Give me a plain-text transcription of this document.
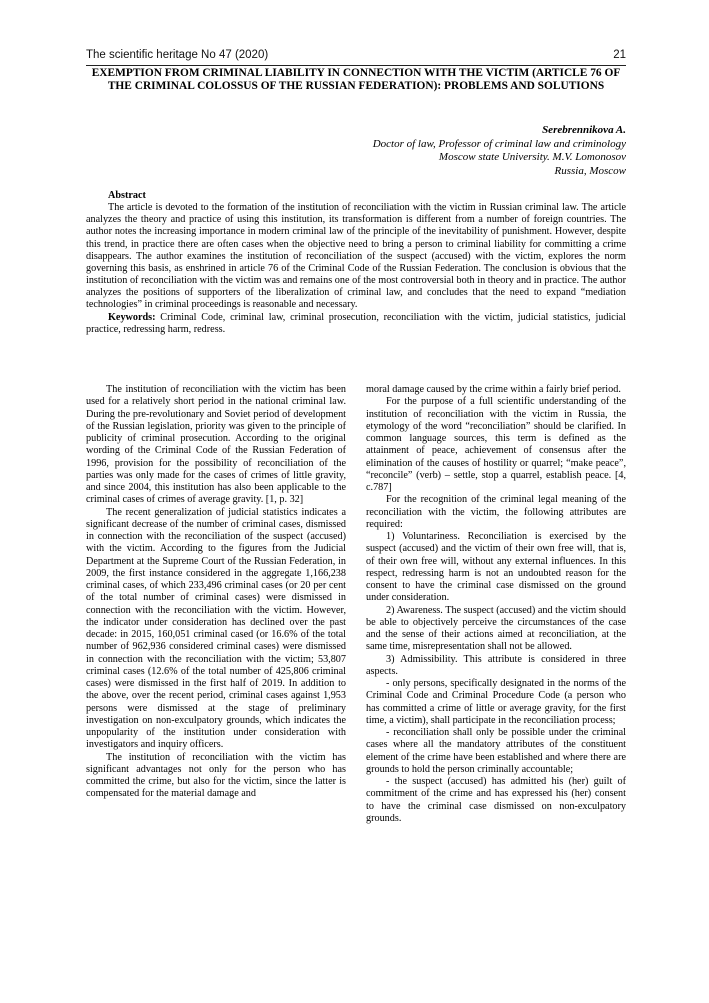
The scientific heritage No 47 (2020)	21
EXEMPTION FROM CRIMINAL LIABILITY IN CONNECTION WITH THE VICTIM (ARTICLE 76 OF THE CRIMINAL COLOSSUS OF THE RUSSIAN FEDERATION): PROBLEMS AND SOLUTIONS
Serebrennikova A.
Doctor of law, Professor of criminal law and criminology
Moscow state University. M.V. Lomonosov
Russia, Moscow
Abstract

The article is devoted to the formation of the institution of reconciliation with the victim in Russian criminal law. The article analyzes the theory and practice of using this institution, its transformation is different from a number of foreign countries. The author notes the increasing importance in modern criminal law of the principle of the inevitability of punishment. However, despite this trend, in practice there are often cases when the objective need to bring a person to criminal liability for committing a crime disappears. The author examines the institution of reconciliation of the suspect (accused) with the victim, explores the norm governing this basis, as enshrined in article 76 of the Criminal Code of the Russian Federation. The conclusion is obvious that the institution of reconciliation with the victim was and remains one of the most controversial both in theory and in practice. The author analyzes the positions of supporters of the liberalization of criminal law, and concludes that the need to expand “mediation technologies” in criminal proceedings is reasonable and necessary.

Keywords: Criminal Code, criminal law, criminal prosecution, reconciliation with the victim, judicial statistics, judicial practice, redressing harm, redress.

The institution of reconciliation with the victim has been used for a relatively short period in the national criminal law. During the pre-revolutionary and Soviet period of development of the Russian legislation, priority was given to the principle of publicity of criminal prosecution. According to the original wording of the Criminal Code of the Russian Federation of 1996, provision for the possibility of reconciliation of the parties was only made for the cases of crimes of little gravity, and since 2004, this institution has also been applicable to the criminal cases of crimes of average gravity. [1, p. 32]

The recent generalization of judicial statistics indicates a significant decrease of the number of criminal cases, dismissed in connection with the reconciliation of the suspect (accused) with the victim. According to the figures from the Judicial Department at the Supreme Court of the Russian Federation, in 2009, the first instance considered in the aggregate 1,166,238 criminal cases, of which 233,496 criminal cases (or 20 per cent of the total number of criminal cases) were dismissed in connection with the reconciliation with the victim. However, the indicator under consideration has declined over the past decade: in 2015, 160,051 criminal cased (or 16.6% of the total number of 962,936 considered criminal cases) were dismissed in connection with the reconciliation with the victim; 53,807 criminal cases (12.6% of the total number of 425,806 criminal cases) were dismissed in the first half of 2019. In addition to the above, over the recent period, criminal cases against 1,953 persons were dismissed at the stage of preliminary investigation on non-exculpatory grounds, which indicates the unpopularity of the institution under consideration with investigators and inquiry officers.

The institution of reconciliation with the victim has significant advantages not only for the person who has committed the crime, but also for the victim, since the latter is compensated for the material damage and

moral damage caused by the crime within a fairly brief period.

For the purpose of a full scientific understanding of the institution of reconciliation with the victim in Russia, the etymology of the word “reconciliation” should be clarified. In common language sources, this term is defined as the attainment of peace, achievement of consensus after the elimination of the causes of hostility or quarrel; “make peace”, “reconcile” (verb) – settle, stop a quarrel, establish peace. [4, c.787]

For the recognition of the criminal legal meaning of the reconciliation with the victim, the following attributes are required:

1) Voluntariness. Reconciliation is exercised by the suspect (accused) and the victim of their own free will, that is, of their own free will, without any external influences. In this respect, redressing harm is not an undoubted reason for the consent to have the criminal case dismissed on the ground under consideration.

2) Awareness. The suspect (accused) and the victim should be able to objectively perceive the circumstances of the case and the sense of their actions aimed at reconciliation, at the same time, misrepresentation shall not be allowed.

3) Admissibility. This attribute is considered in three aspects.

- only persons, specifically designated in the norms of the Criminal Code and Criminal Procedure Code (a person who has committed a crime of little or average gravity, for the first time, a victim), shall participate in the reconciliation process;

- reconciliation shall only be possible under the criminal cases where all the mandatory attributes of the constituent element of the crime have been established and where there are grounds to hold the person criminally accountable;

- the suspect (accused) has admitted his (her) guilt of commitment of the crime and has expressed his (her) consent to have the criminal case dismissed on non-exculpatory grounds.
